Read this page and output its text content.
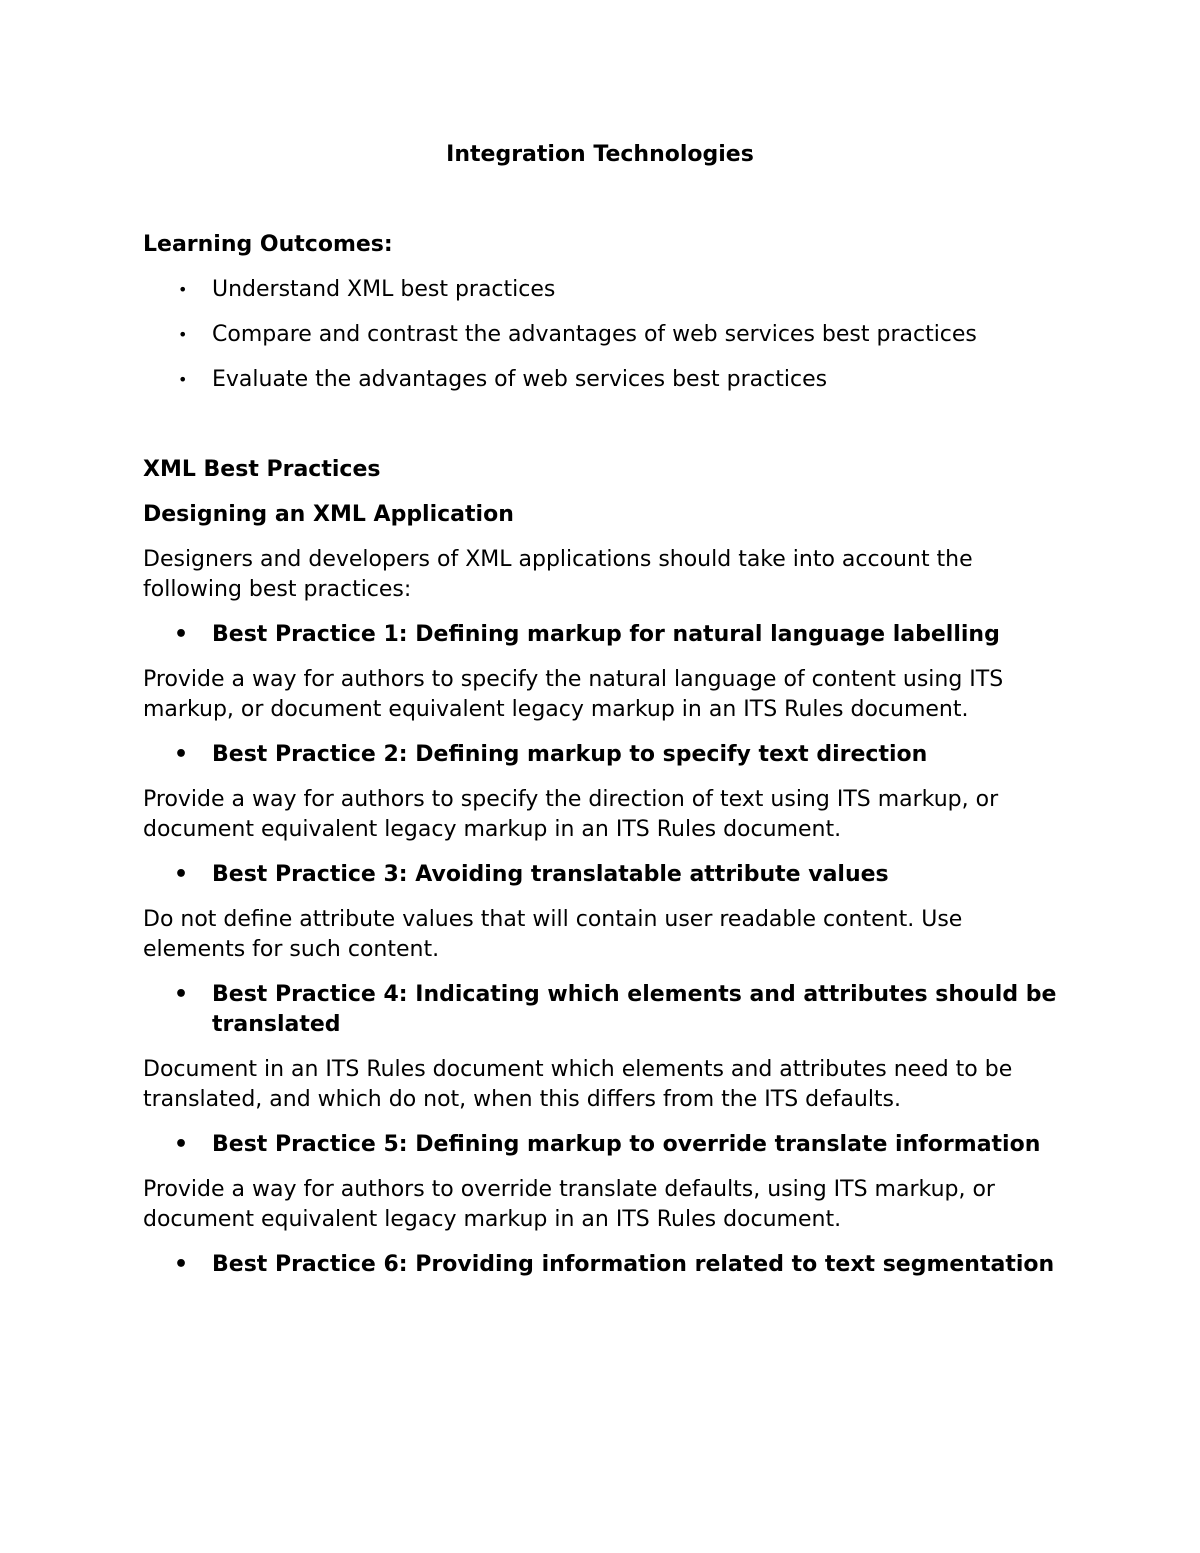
Integration Technologies

Learning Outcomes:

• Understand XML best practices
• Compare and contrast the advantages of web services best practices
• Evaluate the advantages of web services best practices

XML Best Practices

Designing an XML Application

Designers and developers of XML applications should take into account the following best practices:

• Best Practice 1: Defining markup for natural language labelling

Provide a way for authors to specify the natural language of content using ITS markup, or document equivalent legacy markup in an ITS Rules document.

• Best Practice 2: Defining markup to specify text direction

Provide a way for authors to specify the direction of text using ITS markup, or document equivalent legacy markup in an ITS Rules document.

• Best Practice 3: Avoiding translatable attribute values

Do not define attribute values that will contain user readable content. Use elements for such content.

• Best Practice 4: Indicating which elements and attributes should be translated

Document in an ITS Rules document which elements and attributes need to be translated, and which do not, when this differs from the ITS defaults.

• Best Practice 5: Defining markup to override translate information

Provide a way for authors to override translate defaults, using ITS markup, or document equivalent legacy markup in an ITS Rules document.

• Best Practice 6: Providing information related to text segmentation
